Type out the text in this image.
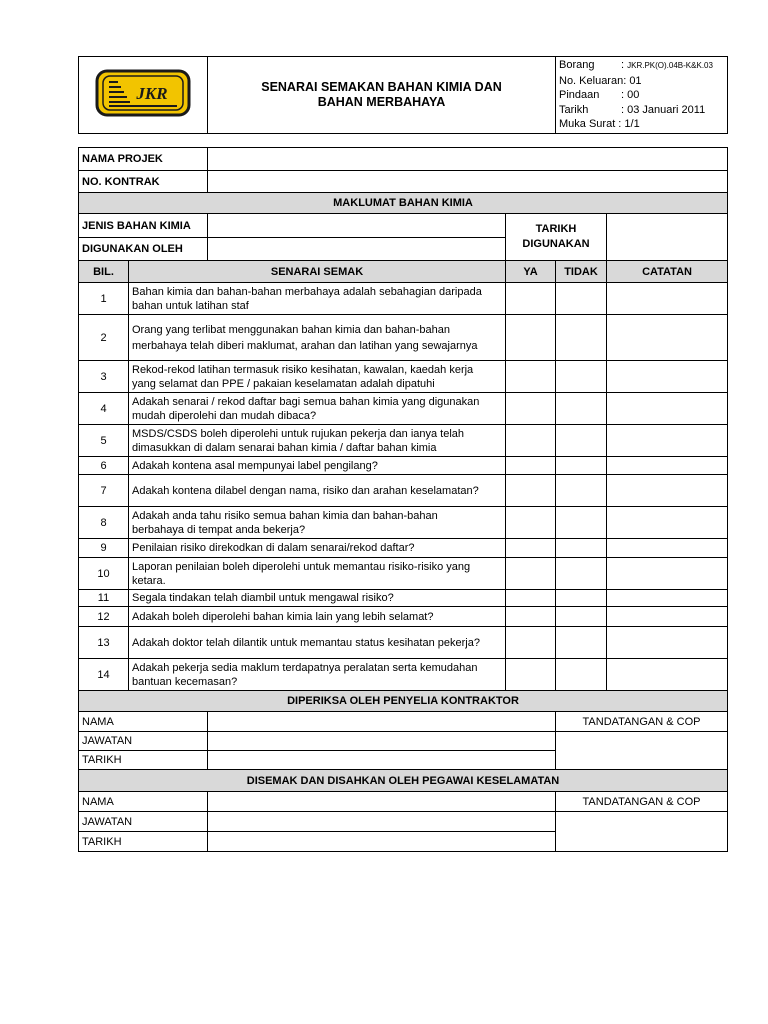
JKR	SENARAI SEMAKAN BAHAN KIMIA DAN
BAHAN MERBAHAYA

Borang : JKR.PK(O).04B-K&K.03
No. Keluaran: 01
Pindaan : 00
Tarikh	: 03 Januari 2011
Muka Surat : 1/1
NAMA PROJEK					
NO. KONTRAK					
MAKLUMAT BAHAN KIMIA					
JENIS BAHAN KIMIA			TARIKH
DIGUNAKAN		

DIGUNAKAN OLEH					
BIL.	SENARAI SEMAK		YA	TIDAK	CATATAN
1	Bahan kimia dan bahan-bahan merbahaya adalah sebahagian daripada
bahan untuk latihan staf				

2	Orang yang terlibat menggunakan bahan kimia dan bahan-bahan
merbahaya telah diberi maklumat, arahan dan latihan yang sewajarnya				

3	Rekod-rekod latihan termasuk risiko kesihatan, kawalan, kaedah kerja
yang selamat dan PPE / pakaian keselamatan adalah dipatuhi				

4	Adakah senarai / rekod daftar bagi semua bahan kimia yang digunakan
mudah diperolehi dan mudah dibaca?				

5	MSDS/CSDS boleh diperolehi untuk rujukan pekerja dan ianya telah
dimasukkan di dalam senarai bahan kimia / daftar bahan kimia				

6	Adakah kontena asal mempunyai label pengilang?				
7	Adakah kontena dilabel dengan nama, risiko dan arahan keselamatan?				
8	Adakah anda tahu risiko semua bahan kimia dan bahan-bahan
berbahaya di tempat anda bekerja?				

9	Penilaian risiko direkodkan di dalam senarai/rekod daftar?				
10	Laporan penilaian boleh diperolehi untuk memantau risiko-risiko yang
ketara.				

11	Segala tindakan telah diambil untuk mengawal risiko?				
12	Adakah boleh diperolehi bahan kimia lain yang lebih selamat?				
13	Adakah doktor telah dilantik untuk memantau status kesihatan pekerja?				
14	Adakah pekerja sedia maklum terdapatnya peralatan serta kemudahan
bantuan kecemasan?				

DIPERIKSA OLEH PENYELIA KONTRAKTOR					
NAMA				TANDATANGAN & COP	
JAWATAN					
TARIKH					
DISEMAK DAN DISAHKAN OLEH PEGAWAI KESELAMATAN					
NAMA				TANDATANGAN & COP	
JAWATAN					
TARIKH					
